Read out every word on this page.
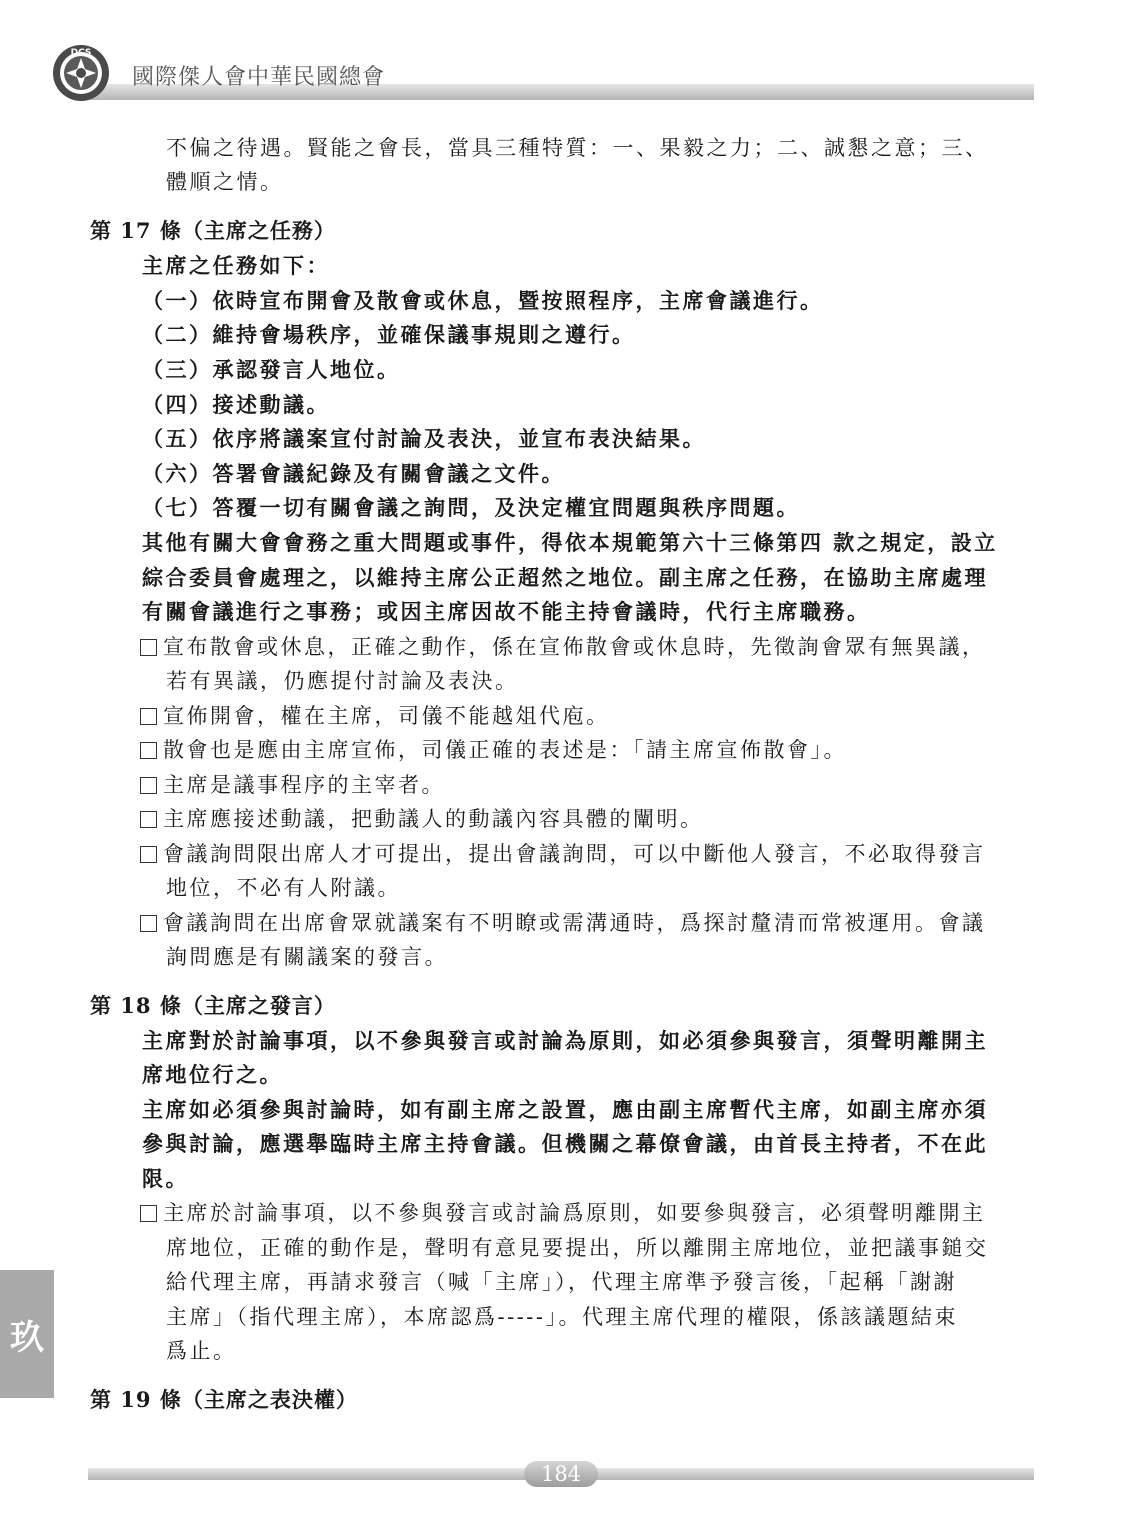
DCS
國際傑人會中華民國總會
玖
不偏之待遇。賢能之會長，當具三種特質：一、果毅之力；二、誠懇之意；三、
體順之情。
第 17 條（主席之任務）
主席之任務如下：
（一）依時宣布開會及散會或休息，暨按照程序，主席會議進行。
（二）維持會場秩序，並確保議事規則之遵行。
（三）承認發言人地位。
（四）接述動議。
（五）依序將議案宣付討論及表決，並宣布表決結果。
（六）答署會議紀錄及有關會議之文件。
（七）答覆一切有關會議之詢問，及決定權宜問題與秩序問題。
其他有關大會會務之重大問題或事件，得依本規範第六十三條第四 款之規定，設立
綜合委員會處理之，以維持主席公正超然之地位。副主席之任務，在協助主席處理
有關會議進行之事務；或因主席因故不能主持會議時，代行主席職務。
宣布散會或休息，正確之動作，係在宣佈散會或休息時，先徵詢會眾有無異議，
若有異議，仍應提付討論及表決。
宣佈開會，權在主席，司儀不能越俎代庖。
散會也是應由主席宣佈，司儀正確的表述是：「請主席宣佈散會」。
主席是議事程序的主宰者。
主席應接述動議，把動議人的動議內容具體的闡明。
會議詢問限出席人才可提出，提出會議詢問，可以中斷他人發言，不必取得發言
地位，不必有人附議。
會議詢問在出席會眾就議案有不明瞭或需溝通時，爲探討釐清而常被運用。會議
詢問應是有關議案的發言。
第 18 條（主席之發言）
主席對於討論事項，以不參與發言或討論為原則，如必須參與發言，須聲明離開主
席地位行之。
主席如必須參與討論時，如有副主席之設置，應由副主席暫代主席，如副主席亦須
參與討論，應選舉臨時主席主持會議。但機關之幕僚會議，由首長主持者，不在此
限。
主席於討論事項，以不參與發言或討論爲原則，如要參與發言，必須聲明離開主
席地位，正確的動作是，聲明有意見要提出，所以離開主席地位，並把議事鎚交
給代理主席，再請求發言（喊「主席」），代理主席準予發言後，「起稱「謝謝
主席」（指代理主席），本席認爲-----」。代理主席代理的權限，係該議題結束
爲止。
第 19 條（主席之表決權）
184
